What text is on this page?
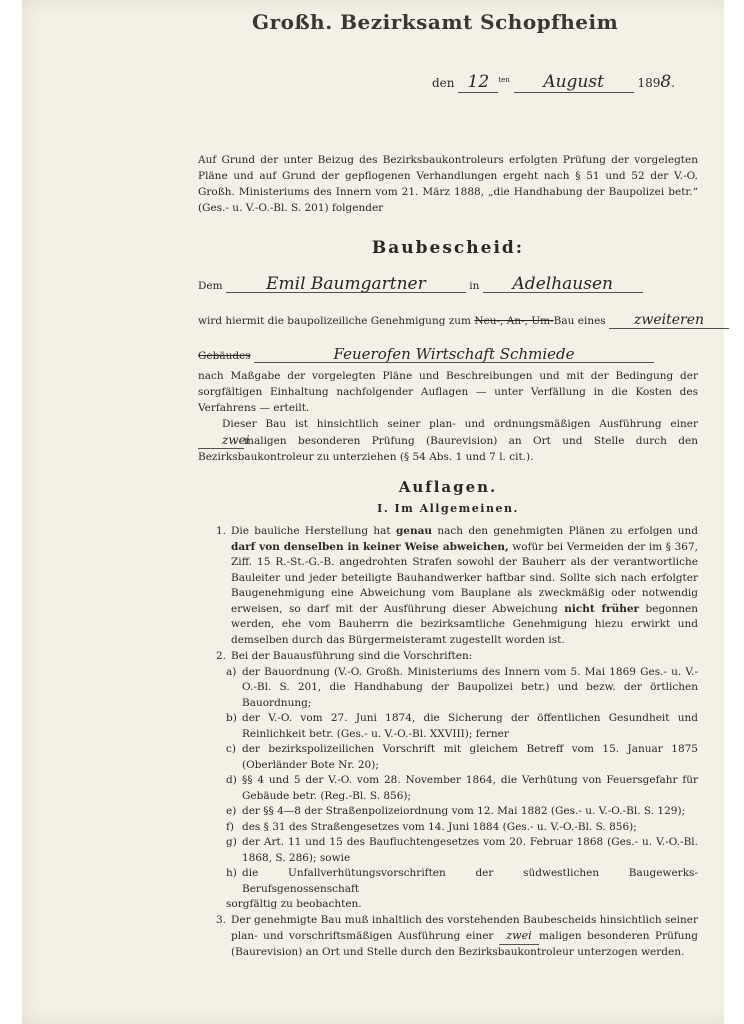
Großh. Bezirksamt Schopfheim
den 12 $^{ten}$ August	1898.
Auf Grund der unter Beizug des Bezirksbaukontroleurs erfolgten Prüfung der vorgelegten Pläne und auf Grund der gepflogenen Verhandlungen ergeht nach § 51 und 52 der V.-O. Großh. Ministeriums des Innern vom 21. März 1888, „die Handhabung der Baupolizei betr.“ (Ges.- u. V.-O.-Bl. S. 201) folgender
Baubescheid:
Dem	Emil Baumgartner	in Adelhausen
wird hiermit die baupolizeiliche Genehmigung zum Neu-, An-, Um-Bau eines zweiteren
Gebäudes	Feuerofen Wirtschaft Schmiede
nach Maßgabe der vorgelegten Pläne und Beschreibungen und mit der Bedingung der sorgfältigen Einhaltung nachfolgender Auflagen — unter Verfällung in die Kosten des Verfahrens — erteilt.
Dieser Bau ist hinsichtlich seiner plan- und ordnungsmäßigen Ausführung einer zweimaligen besonderen Prüfung (Baurevision) an Ort und Stelle durch den Bezirksbaukontroleur zu unterziehen (§ 54 Abs. 1 und 7 l. cit.).
Auflagen.
I. Im Allgemeinen.
1. Die bauliche Herstellung hat genau nach den genehmigten Plänen zu erfolgen und darf von denselben in keiner Weise abweichen, wofür bei Vermeiden der im § 367, Ziff. 15 R.-St.-G.-B. angedrohten Strafen sowohl der Bauherr als der verantwortliche Bauleiter und jeder beteiligte Bauhandwerker haftbar sind. Sollte sich nach erfolgter Baugenehmigung eine Abweichung vom Bauplane als zweckmäßig oder notwendig erweisen, so darf mit der Ausführung dieser Abweichung nicht früher begonnen werden, ehe vom Bauherrn die bezirksamtliche Genehmigung hiezu erwirkt und demselben durch das Bürgermeisteramt zugestellt worden ist.
2. Bei der Bauausführung sind die Vorschriften:
a) der Bauordnung (V.-O. Großh. Ministeriums des Innern vom 5. Mai 1869 Ges.- u. V.-O.-Bl. S. 201, die Handhabung der Baupolizei betr.) und bezw. der örtlichen Bauordnung;
b) der V.-O. vom 27. Juni 1874, die Sicherung der öffentlichen Gesundheit und Reinlichkeit betr. (Ges.- u. V.-O.-Bl. XXVIII); ferner
c) der bezirkspolizeilichen Vorschrift mit gleichem Betreff vom 15. Januar 1875 (Oberländer Bote Nr. 20);
d) §§ 4 und 5 der V.-O. vom 28. November 1864, die Verhütung von Feuersgefahr für Gebäude betr. (Reg.-Bl. S. 856);
e) der §§ 4—8 der Straßenpolizeiordnung vom 12. Mai 1882 (Ges.- u. V.-O.-Bl. S. 129);
f) des § 31 des Straßengesetzes vom 14. Juni 1884 (Ges.- u. V.-O.-Bl. S. 856);
g) der Art. 11 und 15 des Baufluchtengesetzes vom 20. Februar 1868 (Ges.- u. V.-O.-Bl. 1868, S. 286); sowie
h) die Unfallverhütungsvorschriften der südwestlichen Baugewerks-Berufsgenossenschaft
sorgfältig zu beobachten.
3. Der genehmigte Bau muß inhaltlich des vorstehenden Baubescheids hinsichtlich seiner plan- und vorschriftsmäßigen Ausführung einer zwei maligen besonderen Prüfung (Baurevision) an Ort und Stelle durch den Bezirksbaukontroleur unterzogen werden.
